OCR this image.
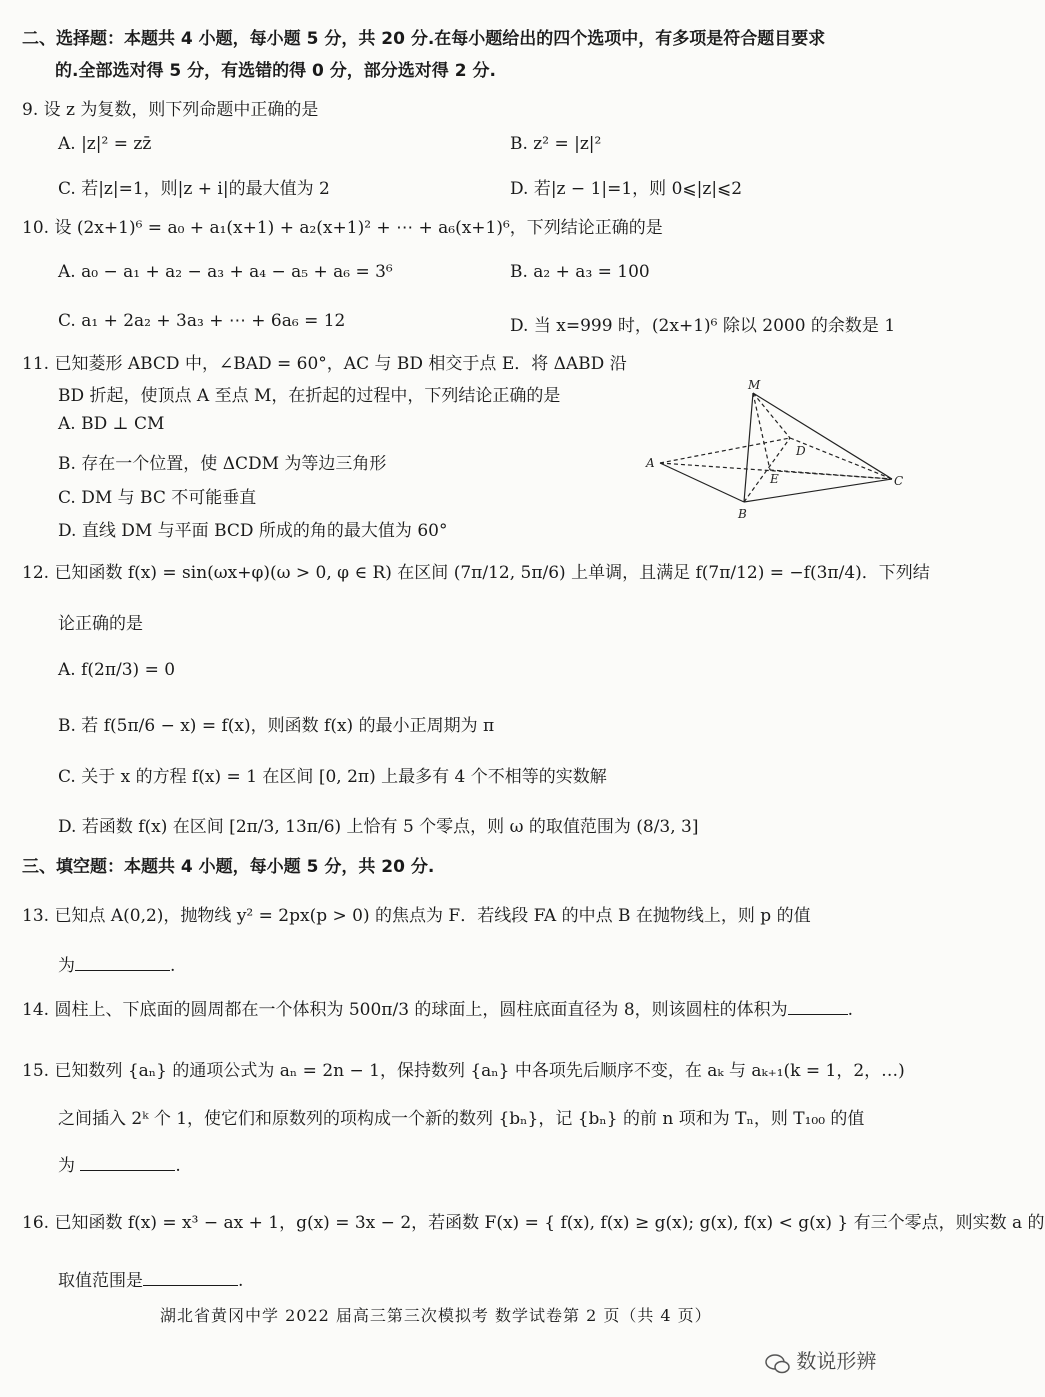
二、选择题：本题共 4 小题，每小题 5 分，共 20 分.在每小题给出的四个选项中，有多项是符合题目要求
的.全部选对得 5 分，有选错的得 0 分，部分选对得 2 分.
9. 设 z 为复数，则下列命题中正确的是
A. |z|² = zz̄	B. z² = |z|²
C. 若|z|=1，则|z + i|的最大值为 2	D. 若|z − 1|=1，则 0⩽|z|⩽2
10. 设 (2x+1)⁶ = a₀ + a₁(x+1) + a₂(x+1)² + ⋯ + a₆(x+1)⁶，下列结论正确的是
A. a₀ − a₁ + a₂ − a₃ + a₄ − a₅ + a₆ = 3⁶	B. a₂ + a₃ = 100
C. a₁ + 2a₂ + 3a₃ + ⋯ + 6a₆ = 12	D. 当 x=999 时，(2x+1)⁶ 除以 2000 的余数是 1
11. 已知菱形 ABCD 中，∠BAD = 60°，AC 与 BD 相交于点 E．将 ΔABD 沿
BD 折起，使顶点 A 至点 M，在折起的过程中，下列结论正确的是
A. BD ⊥ CM
B. 存在一个位置，使 ΔCDM 为等边三角形
C. DM 与 BC 不可能垂直
D. 直线 DM 与平面 BCD 所成的角的最大值为 60°
M
D
A
E	C
B
12. 已知函数 f(x) = sin(ωx+φ)(ω > 0, φ ∈ R) 在区间 (7π/12, 5π/6) 上单调，且满足 f(7π/12) = −f(3π/4)．下列结
论正确的是
A. f(2π/3) = 0
B. 若 f(5π/6 − x) = f(x)，则函数 f(x) 的最小正周期为 π
C. 关于 x 的方程 f(x) = 1 在区间 [0, 2π) 上最多有 4 个不相等的实数解
D. 若函数 f(x) 在区间 [2π/3, 13π/6) 上恰有 5 个零点，则 ω 的取值范围为 (8/3, 3]
三、填空题：本题共 4 小题，每小题 5 分，共 20 分.
13. 已知点 A(0,2)，抛物线 y² = 2px(p > 0) 的焦点为 F．若线段 FA 的中点 B 在抛物线上，则 p 的值
为	.
14. 圆柱上、下底面的圆周都在一个体积为 500π/3 的球面上，圆柱底面直径为 8，则该圆柱的体积为	.
15. 已知数列 {aₙ} 的通项公式为 aₙ = 2n − 1，保持数列 {aₙ} 中各项先后顺序不变，在 aₖ 与 aₖ₊₁(k = 1，2，…)
之间插入 2ᵏ 个 1，使它们和原数列的项构成一个新的数列 {bₙ}，记 {bₙ} 的前 n 项和为 Tₙ，则 T₁₀₀ 的值
为	.
16. 已知函数 f(x) = x³ − ax + 1，g(x) = 3x − 2，若函数 F(x) = { f(x), f(x) ≥ g(x); g(x), f(x) < g(x) } 有三个零点，则实数 a 的
取值范围是	.
湖北省黄冈中学 2022 届高三第三次模拟考 数学试卷第 2 页（共 4 页）
数说形辨
